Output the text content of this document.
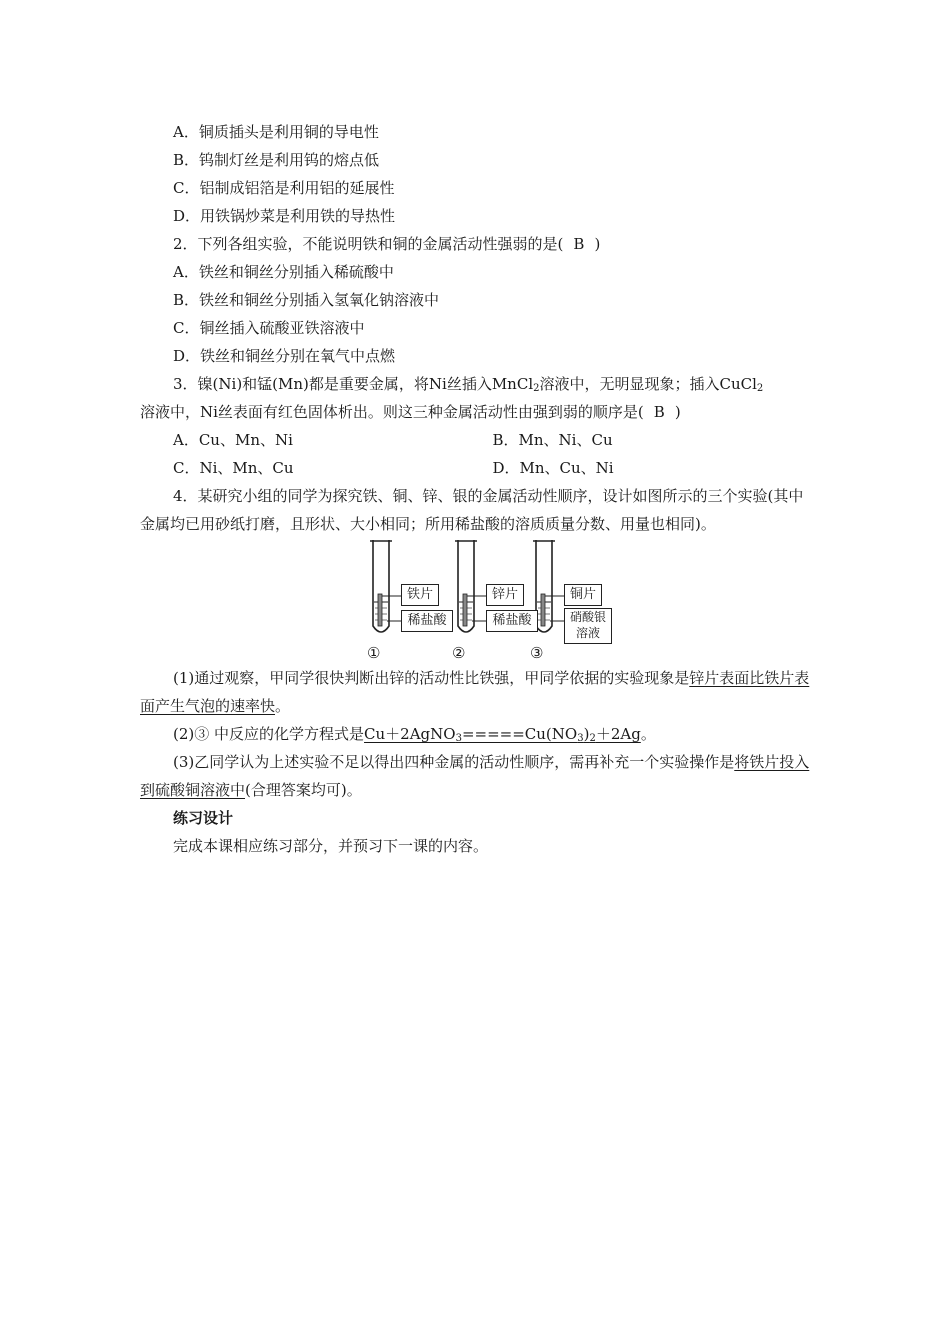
A．铜质插头是利用铜的导电性
B．钨制灯丝是利用钨的熔点低
C．铝制成铝箔是利用铝的延展性
D．用铁锅炒菜是利用铁的导热性
2．下列各组实验，不能说明铁和铜的金属活动性强弱的是( B )
A．铁丝和铜丝分别插入稀硫酸中
B．铁丝和铜丝分别插入氢氧化钠溶液中
C．铜丝插入硫酸亚铁溶液中
D．铁丝和铜丝分别在氧气中点燃
3．镍(Ni)和锰(Mn)都是重要金属，将Ni丝插入MnCl$_2$溶液中，无明显现象；插入CuCl$_2$
溶液中，Ni丝表面有红色固体析出。则这三种金属活动性由强到弱的顺序是( B )
A．Cu、Mn、Ni	B．Mn、Ni、Cu
C．Ni、Mn、Cu	D．Mn、Cu、Ni
4．某研究小组的同学为探究铁、铜、锌、银的金属活动性顺序，设计如图所示的三个实验(其中金属均已用砂纸打磨，且形状、大小相同；所用稀盐酸的溶质质量分数、用量也相同)。
铁片
稀盐酸
锌片
稀盐酸
铜片
硝酸银
溶液
①	②	③
(1)通过观察，甲同学很快判断出锌的活动性比铁强，甲同学依据的实验现象是锌片表面比铁片表面产生气泡的速率快。
(2)③ 中反应的化学方程式是$Cu+2AgNO_3=====Cu(NO_3)_2+2Ag$。
(3)乙同学认为上述实验不足以得出四种金属的活动性顺序，需再补充一个实验操作是将铁片投入到硫酸铜溶液中(合理答案均可)。
练习设计
完成本课相应练习部分，并预习下一课的内容。
